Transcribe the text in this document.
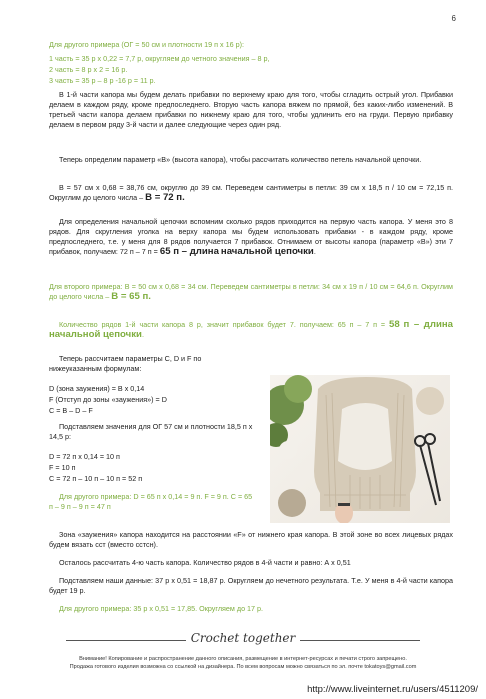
6

Для другого примера (ОГ = 50 см и плотности 19 п х 16 р):

1 часть = 35 р х 0,22 = 7,7 р, округляем до четного значения – 8 р,

2 часть = 8 р х 2 = 16 р.

3 часть = 35 р – 8 р -16 р = 11 р.

В 1-й части капора мы будем делать прибавки по верхнему краю для того, чтобы сгладить острый угол. Прибавки делаем в каждом ряду, кроме предпоследнего. Вторую часть капора вяжем по прямой, без каких-либо изменений. В третьей части капора делаем прибавки по нижнему краю для того, чтобы удлинить его на груди. Первую прибавку делаем в первом ряду 3-й части и далее следующие через один ряд.

Теперь определим параметр «В» (высота капора), чтобы рассчитать количество петель начальной цепочки.

В = 57 см х 0,68 = 38,76 см, округлю до 39 см. Переведем сантиметры в петли: 39 см х 18,5 п / 10 см = 72,15 п. Округлим до целого числа – В = 72 п.

Для определения начальной цепочки вспомним сколько рядов приходится на первую часть капора. У меня это 8 рядов. Для скругления уголка на верху капора мы будем использовать прибавки - в каждом ряду, кроме предпоследнего, т.е. у меня для 8 рядов получается 7 прибавок. Отнимаем от высоты капора (параметр «В») эти 7 прибавок, получаем: 72 п – 7 п = 65 п – длина начальной цепочки.

Для второго примера: В = 50 см х 0,68 = 34 см. Переведем сантиметры в петли: 34 см х 19 п / 10 см = 64,6 п. Округлим до целого числа – В = 65 п.

Количество рядов 1-й части капора 8 р, значит прибавок будет 7. получаем: 65 п – 7 п = 58 п – длина начальной цепочки.

Теперь рассчитаем параметры С, D и F по нижеуказанным формулам:

D (зона заужения) = В х 0,14

F (Отступ до зоны «заужения») = D

C = B – D – F

Подставляем значения для ОГ 57 см и плотности 18,5 п х 14,5 р:

D = 72 п х 0,14 = 10 п

F = 10 п

C = 72 п – 10 п – 10 п = 52 п

Для другого примера: D = 65 п х 0,14 = 9 п. F = 9 п. С = 65 п – 9 п – 9 п = 47 п

Зона «заужения» капора находится на расстоянии «F» от нижнего края капора. В этой зоне во всех лицевых рядах будем вязать сст (вместо сстсн).

Осталось рассчитать 4-ю часть капора. Количество рядов в 4-й части и равно: А х 0,51

Подставляем наши данные: 37 р х 0,51 = 18,87 р. Округляем до нечетного результата. Т.е. У меня в 4-й части капора будет 19 р.

Для другого примера: 35 р х 0,51 = 17,85. Округляем до 17 р.

Crochet together
Внимание! Копирование и распространение данного описания, размещение в интернет-ресурсах и печати строго запрещено.
Продажа готового изделия возможна со ссылкой на дизайнера. По всем вопросам можно связаться по эл. почте tokatoys@gmail.com
http://www.liveinternet.ru/users/4511209/
